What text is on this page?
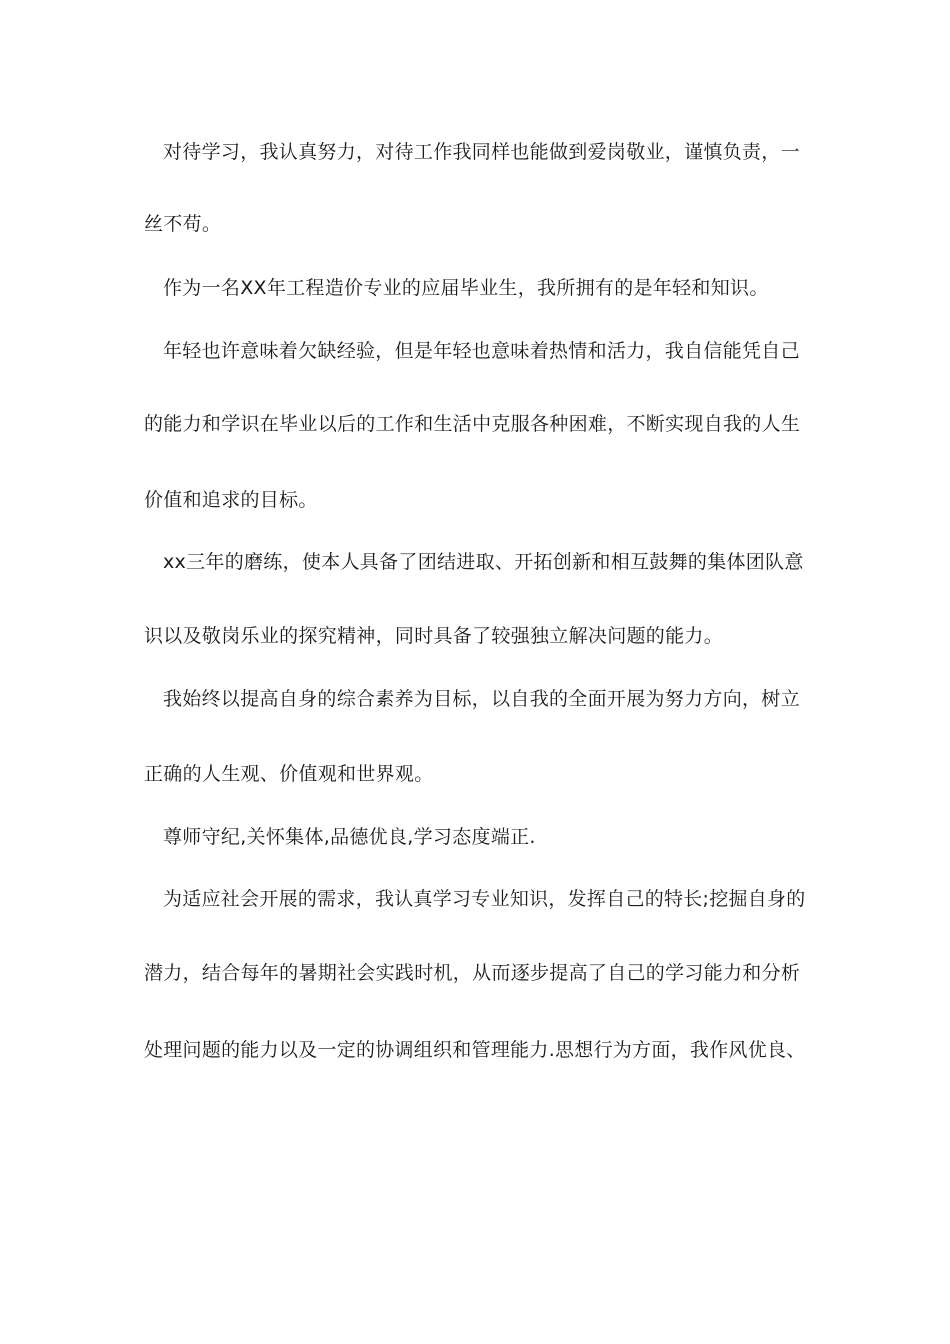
对待学习，我认真努力，对待工作我同样也能做到爱岗敬业，谨慎负责，一
丝不苟。
作为一名XX年工程造价专业的应届毕业生，我所拥有的是年轻和知识。
年轻也许意味着欠缺经验，但是年轻也意味着热情和活力，我自信能凭自己
的能力和学识在毕业以后的工作和生活中克服各种困难，不断实现自我的人生
价值和追求的目标。
xx三年的磨练，使本人具备了团结进取、开拓创新和相互鼓舞的集体团队意
识以及敬岗乐业的探究精神，同时具备了较强独立解决问题的能力。
我始终以提高自身的综合素养为目标，以自我的全面开展为努力方向，树立
正确的人生观、价值观和世界观。
尊师守纪,关怀集体,品德优良,学习态度端正.
为适应社会开展的需求，我认真学习专业知识，发挥自己的特长;挖掘自身的
潜力，结合每年的暑期社会实践时机，从而逐步提高了自己的学习能力和分析
处理问题的能力以及一定的协调组织和管理能力.思想行为方面，我作风优良、
